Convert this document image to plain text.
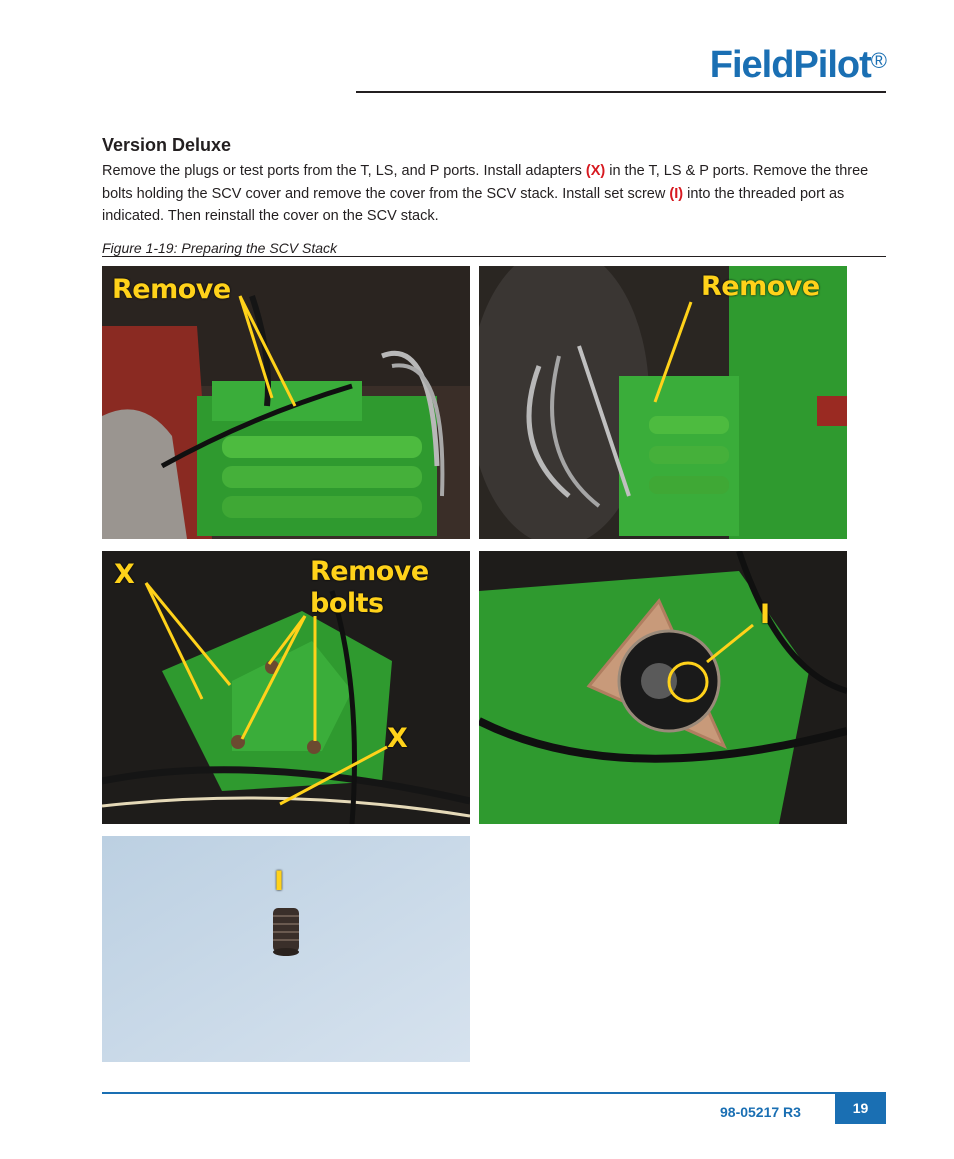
FieldPilot®
Version Deluxe
Remove the plugs or test ports from the T, LS, and P ports. Install adapters (X) in the T, LS & P ports. Remove the three bolts holding the SCV cover and remove the cover from the SCV stack. Install set screw (I) into the threaded port as indicated. Then reinstall the cover on the SCV stack.
Figure 1-19: Preparing the SCV Stack
Remove	Remove
X	Remove
bolts
X
I
I
98-05217 R3	19
